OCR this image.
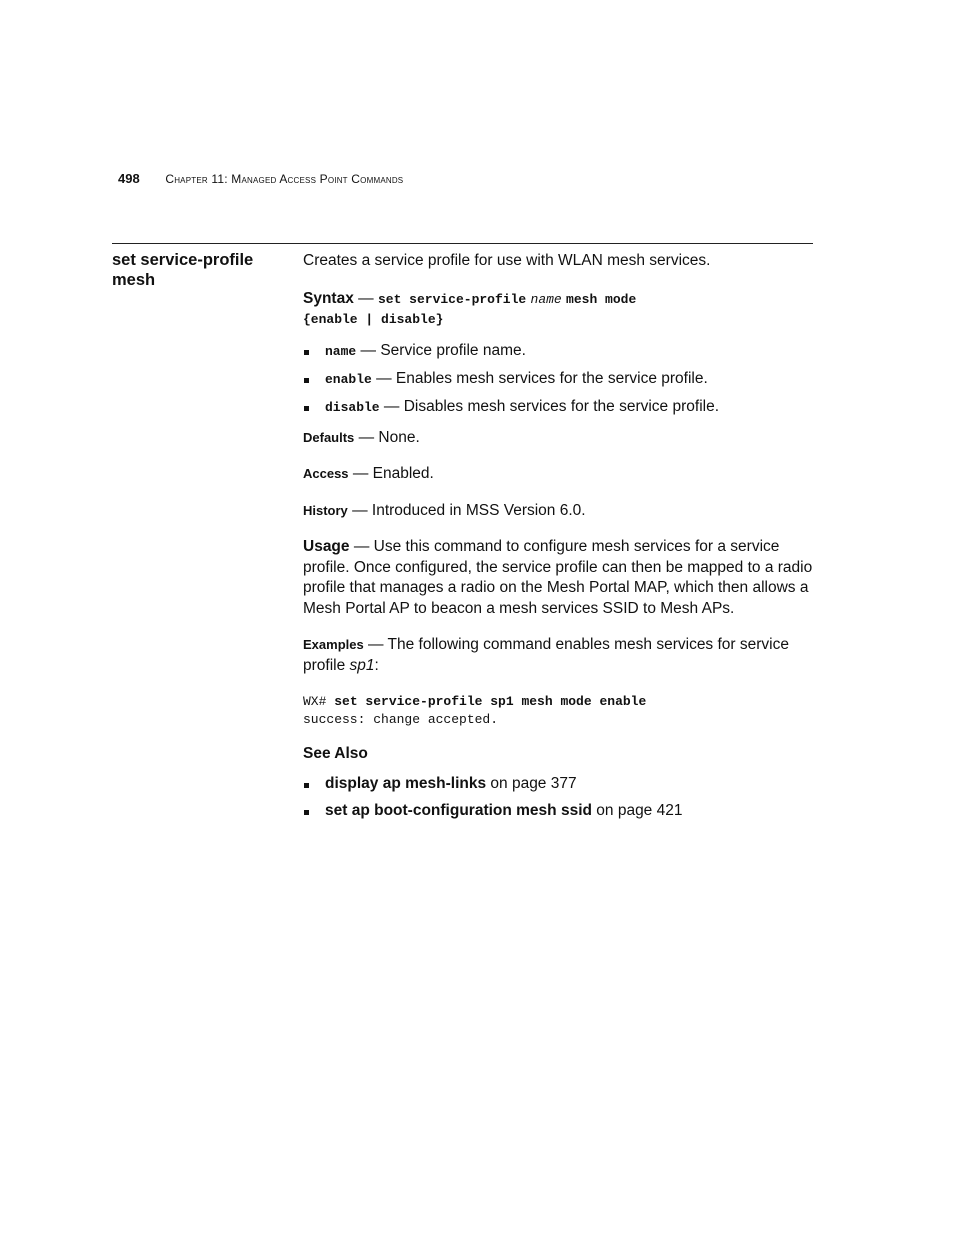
498 Chapter 11: Managed Access Point Commands
set service-profile mesh

Creates a service profile for use with WLAN mesh services.

Syntax — set service-profile name mesh mode
{enable | disable}
name — Service profile name.
enable — Enables mesh services for the service profile.
disable — Disables mesh services for the service profile.

Defaults — None.

Access — Enabled.

History — Introduced in MSS Version 6.0.

Usage — Use this command to configure mesh services for a service profile. Once configured, the service profile can then be mapped to a radio profile that manages a radio on the Mesh Portal MAP, which then allows a Mesh Portal AP to beacon a mesh services SSID to Mesh APs.

Examples — The following command enables mesh services for service profile sp1:

WX# set service-profile sp1 mesh mode enable

success: change accepted.

See Also
display ap mesh-links on page 377
set ap boot-configuration mesh ssid on page 421
